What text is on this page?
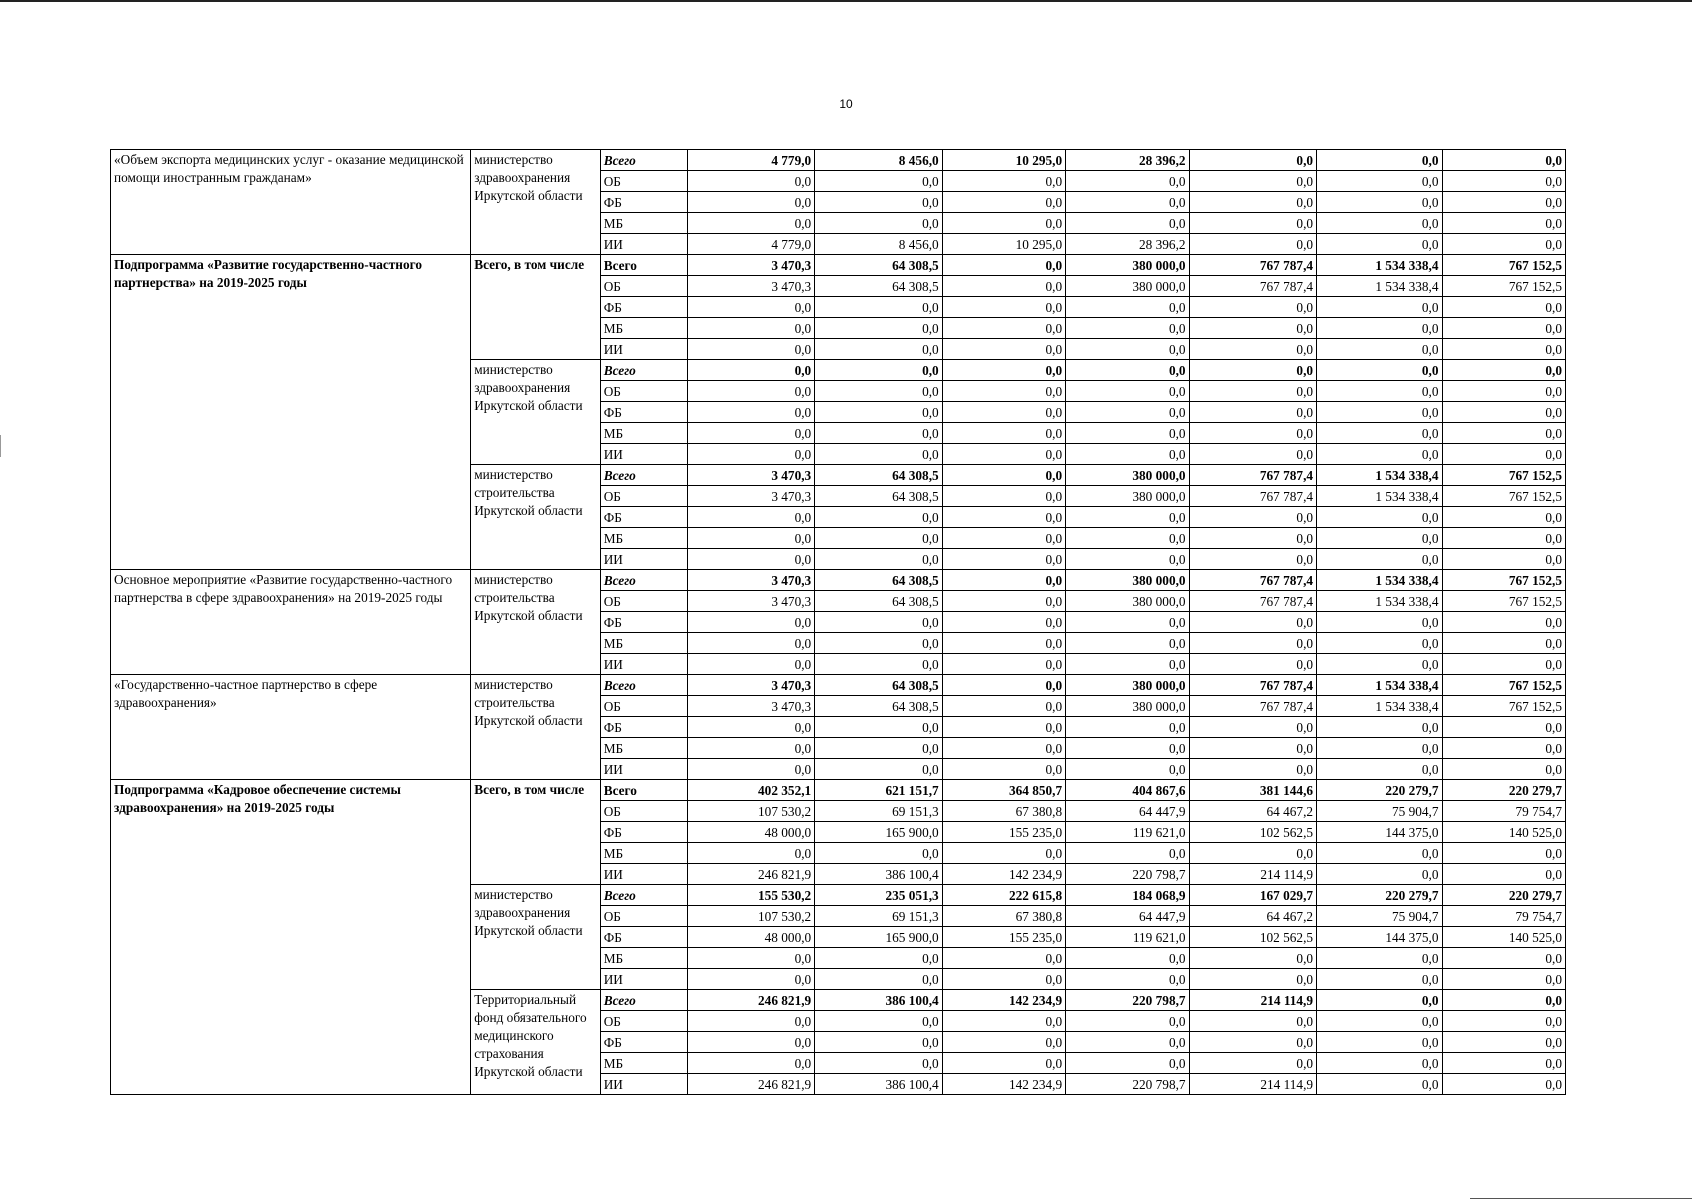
10
«Объем экспорта медицинских услуг - оказание медицинской помощи иностранным гражданам»	министерство здравоохранения Иркутской области	Всего	4 779,0	8 456,0	10 295,0	28 396,2	0,0	0,0	0,0
		ОБ	0,0	0,0	0,0	0,0	0,0	0,0	0,0
		ФБ	0,0	0,0	0,0	0,0	0,0	0,0	0,0
		МБ	0,0	0,0	0,0	0,0	0,0	0,0	0,0
		ИИ	4 779,0	8 456,0	10 295,0	28 396,2	0,0	0,0	0,0
Подпрограмма «Развитие государственно-частного партнерства» на 2019-2025 годы	Всего, в том числе	Всего	3 470,3	64 308,5	0,0	380 000,0	767 787,4	1 534 338,4	767 152,5
		ОБ	3 470,3	64 308,5	0,0	380 000,0	767 787,4	1 534 338,4	767 152,5
		ФБ	0,0	0,0	0,0	0,0	0,0	0,0	0,0
		МБ	0,0	0,0	0,0	0,0	0,0	0,0	0,0
		ИИ	0,0	0,0	0,0	0,0	0,0	0,0	0,0
	министерство здравоохранения Иркутской области	Всего	0,0	0,0	0,0	0,0	0,0	0,0	0,0
		ОБ	0,0	0,0	0,0	0,0	0,0	0,0	0,0
		ФБ	0,0	0,0	0,0	0,0	0,0	0,0	0,0
		МБ	0,0	0,0	0,0	0,0	0,0	0,0	0,0
		ИИ	0,0	0,0	0,0	0,0	0,0	0,0	0,0
	министерство строительства Иркутской области	Всего	3 470,3	64 308,5	0,0	380 000,0	767 787,4	1 534 338,4	767 152,5
		ОБ	3 470,3	64 308,5	0,0	380 000,0	767 787,4	1 534 338,4	767 152,5
		ФБ	0,0	0,0	0,0	0,0	0,0	0,0	0,0
		МБ	0,0	0,0	0,0	0,0	0,0	0,0	0,0
		ИИ	0,0	0,0	0,0	0,0	0,0	0,0	0,0
Основное мероприятие «Развитие государственно-частного партнерства в сфере здравоохранения» на 2019-2025 годы	министерство строительства Иркутской области	Всего	3 470,3	64 308,5	0,0	380 000,0	767 787,4	1 534 338,4	767 152,5
		ОБ	3 470,3	64 308,5	0,0	380 000,0	767 787,4	1 534 338,4	767 152,5
		ФБ	0,0	0,0	0,0	0,0	0,0	0,0	0,0
		МБ	0,0	0,0	0,0	0,0	0,0	0,0	0,0
		ИИ	0,0	0,0	0,0	0,0	0,0	0,0	0,0
«Государственно-частное партнерство в сфере здравоохранения»	министерство строительства Иркутской области	Всего	3 470,3	64 308,5	0,0	380 000,0	767 787,4	1 534 338,4	767 152,5
		ОБ	3 470,3	64 308,5	0,0	380 000,0	767 787,4	1 534 338,4	767 152,5
		ФБ	0,0	0,0	0,0	0,0	0,0	0,0	0,0
		МБ	0,0	0,0	0,0	0,0	0,0	0,0	0,0
		ИИ	0,0	0,0	0,0	0,0	0,0	0,0	0,0
Подпрограмма «Кадровое обеспечение системы здравоохранения» на 2019-2025 годы	Всего, в том числе	Всего	402 352,1	621 151,7	364 850,7	404 867,6	381 144,6	220 279,7	220 279,7
		ОБ	107 530,2	69 151,3	67 380,8	64 447,9	64 467,2	75 904,7	79 754,7
		ФБ	48 000,0	165 900,0	155 235,0	119 621,0	102 562,5	144 375,0	140 525,0
		МБ	0,0	0,0	0,0	0,0	0,0	0,0	0,0
		ИИ	246 821,9	386 100,4	142 234,9	220 798,7	214 114,9	0,0	0,0
	министерство здравоохранения Иркутской области	Всего	155 530,2	235 051,3	222 615,8	184 068,9	167 029,7	220 279,7	220 279,7
		ОБ	107 530,2	69 151,3	67 380,8	64 447,9	64 467,2	75 904,7	79 754,7
		ФБ	48 000,0	165 900,0	155 235,0	119 621,0	102 562,5	144 375,0	140 525,0
		МБ	0,0	0,0	0,0	0,0	0,0	0,0	0,0
		ИИ	0,0	0,0	0,0	0,0	0,0	0,0	0,0
	Территориальный фонд обязательного медицинского страхования Иркутской области	Всего	246 821,9	386 100,4	142 234,9	220 798,7	214 114,9	0,0	0,0
		ОБ	0,0	0,0	0,0	0,0	0,0	0,0	0,0
		ФБ	0,0	0,0	0,0	0,0	0,0	0,0	0,0
		МБ	0,0	0,0	0,0	0,0	0,0	0,0	0,0
		ИИ	246 821,9	386 100,4	142 234,9	220 798,7	214 114,9	0,0	0,0
